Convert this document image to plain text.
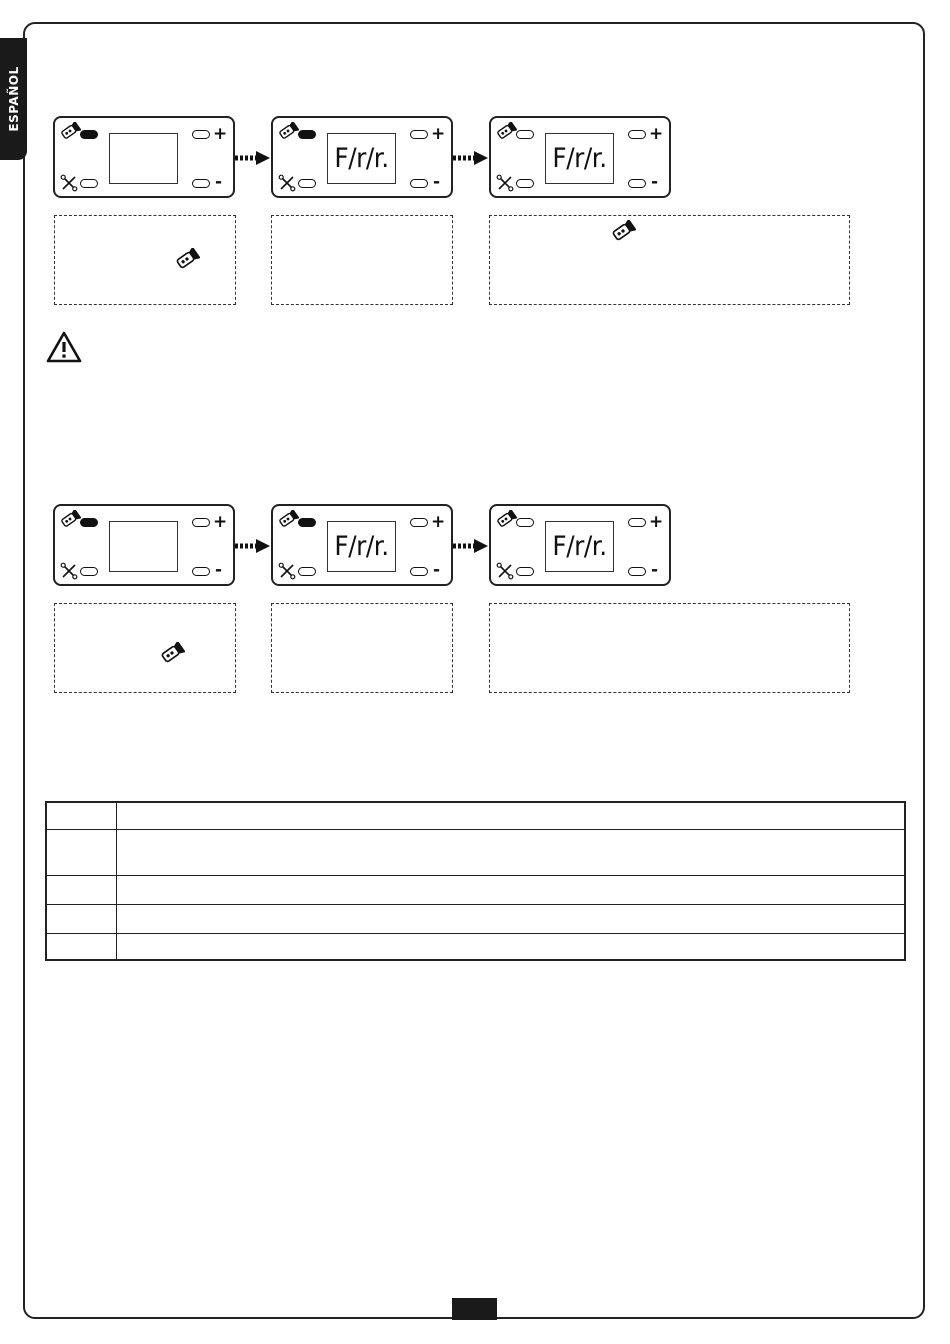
ESPAÑOL
+
-
F/r/r.
+
-
F/r/r.
+
-
+
-
F/r/r.
+
-
F/r/r.
+
-
